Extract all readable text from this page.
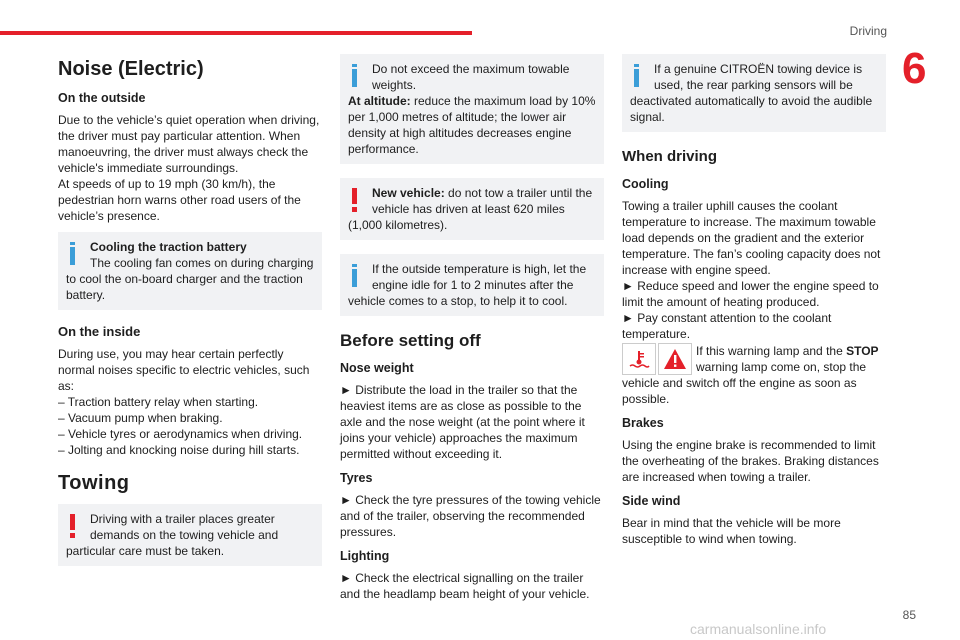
Driving
6
Noise (Electric)
On the outside

Due to the vehicle’s quiet operation when driving, the driver must pay particular attention. When manoeuvring, the driver must always check the vehicle's immediate surroundings.

At speeds of up to 19 mph (30 km/h), the pedestrian horn warns other road users of the vehicle’s presence.

Cooling the traction battery
The cooling fan comes on during charging to cool the on-board charger and the traction battery.
On the inside

During use, you may hear certain perfectly normal noises specific to electric vehicles, such as:
– Traction battery relay when starting.
– Vacuum pump when braking.
– Vehicle tyres or aerodynamics when driving.
– Jolting and knocking noise during hill starts.

Towing
Driving with a trailer places greater demands on the towing vehicle and particular care must be taken.
Do not exceed the maximum towable weights.
At altitude: reduce the maximum load by 10% per 1,000 metres of altitude; the lower air density at high altitudes decreases engine performance.
New vehicle: do not tow a trailer until the vehicle has driven at least 620 miles (1,000 kilometres).
If the outside temperature is high, let the engine idle for 1 to 2 minutes after the vehicle comes to a stop, to help it to cool.
Before setting off
Nose weight

► Distribute the load in the trailer so that the heaviest items are as close as possible to the axle and the nose weight (at the point where it joins your vehicle) approaches the maximum permitted without exceeding it.

Tyres

► Check the tyre pressures of the towing vehicle and of the trailer, observing the recommended pressures.

Lighting

► Check the electrical signalling on the trailer and the headlamp beam height of your vehicle.

If a genuine CITROËN towing device is used, the rear parking sensors will be deactivated automatically to avoid the audible signal.
When driving
Cooling

Towing a trailer uphill causes the coolant temperature to increase. The maximum towable load depends on the gradient and the exterior temperature. The fan’s cooling capacity does not increase with engine speed.
► Reduce speed and lower the engine speed to limit the amount of heating produced.
► Pay constant attention to the coolant temperature.

If this warning lamp and the STOP warning lamp come on, stop the vehicle and switch off the engine as soon as possible.

Brakes

Using the engine brake is recommended to limit the overheating of the brakes. Braking distances are increased when towing a trailer.

Side wind

Bear in mind that the vehicle will be more susceptible to wind when towing.

85
carmanualsonline.info
